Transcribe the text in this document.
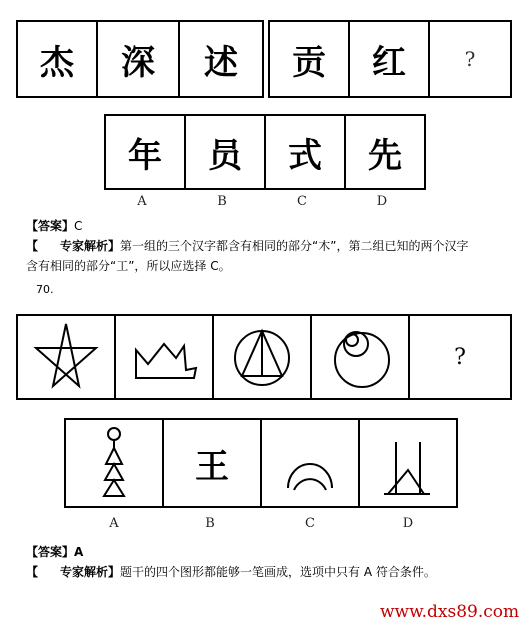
杰	深	述	贡	红	?
年	员	式	先
A	B	C	D
【答案】C
【 专家解析】第一组的三个汉字都含有相同的部分“木”，第二组已知的两个汉字
含有相同的部分“工”，所以应选择 C。
70.
?
王
A	B	C	D
【答案】A
【 专家解析】题干的四个图形都能够一笔画成，选项中只有 A 符合条件。
www.dxs89.com
